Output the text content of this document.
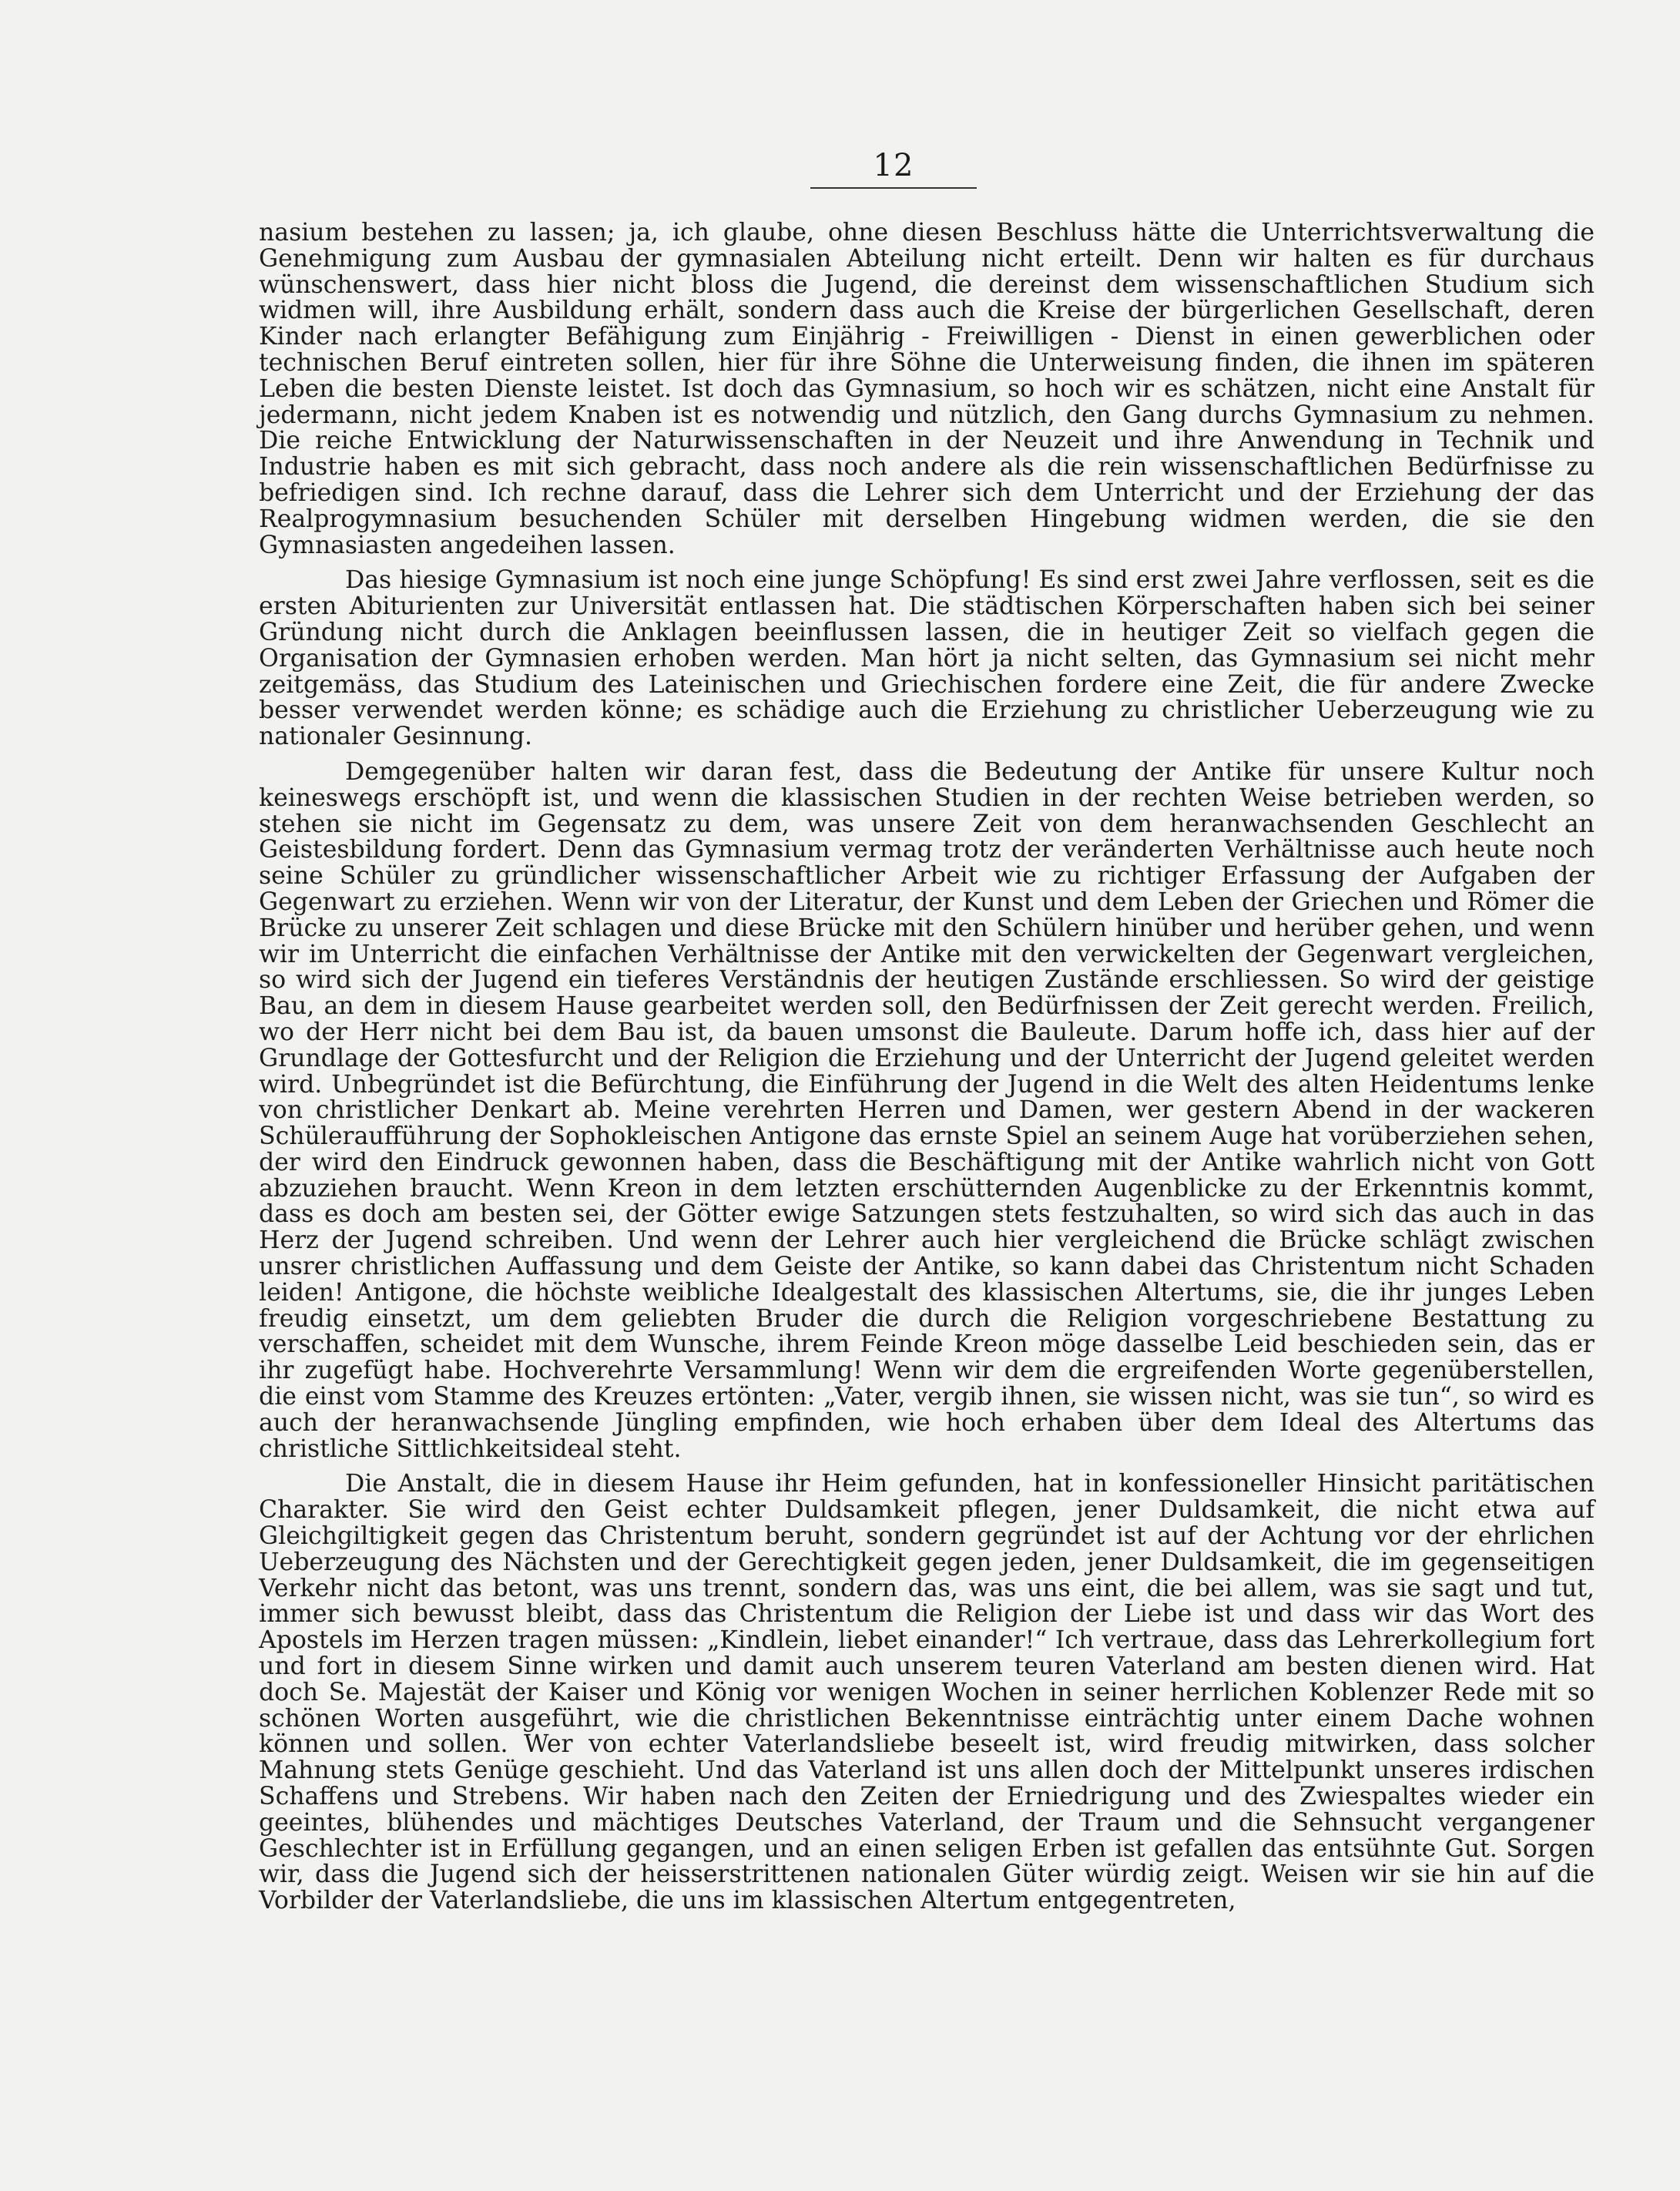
12

nasium bestehen zu lassen; ja, ich glaube, ohne diesen Beschluss hätte die Unterrichtsverwaltung die Genehmigung zum Ausbau der gymnasialen Abteilung nicht erteilt. Denn wir halten es für durchaus wünschenswert, dass hier nicht bloss die Jugend, die dereinst dem wissenschaftlichen Studium sich widmen will, ihre Ausbildung erhält, sondern dass auch die Kreise der bürgerlichen Gesellschaft, deren Kinder nach erlangter Befähigung zum Einjährig - Freiwilligen - Dienst in einen gewerblichen oder technischen Beruf eintreten sollen, hier für ihre Söhne die Unterweisung finden, die ihnen im späteren Leben die besten Dienste leistet. Ist doch das Gymnasium, so hoch wir es schätzen, nicht eine Anstalt für jedermann, nicht jedem Knaben ist es notwendig und nützlich, den Gang durchs Gymnasium zu nehmen. Die reiche Entwicklung der Naturwissenschaften in der Neuzeit und ihre Anwendung in Technik und Industrie haben es mit sich gebracht, dass noch andere als die rein wissenschaftlichen Bedürfnisse zu befriedigen sind. Ich rechne darauf, dass die Lehrer sich dem Unterricht und der Erziehung der das Realprogymnasium besuchenden Schüler mit derselben Hingebung widmen werden, die sie den Gymnasiasten angedeihen lassen.

Das hiesige Gymnasium ist noch eine junge Schöpfung! Es sind erst zwei Jahre verflossen, seit es die ersten Abiturienten zur Universität entlassen hat. Die städtischen Körperschaften haben sich bei seiner Gründung nicht durch die Anklagen beeinflussen lassen, die in heutiger Zeit so vielfach gegen die Organisation der Gymnasien erhoben werden. Man hört ja nicht selten, das Gymnasium sei nicht mehr zeitgemäss, das Studium des Lateinischen und Griechischen fordere eine Zeit, die für andere Zwecke besser verwendet werden könne; es schädige auch die Erziehung zu christlicher Ueberzeugung wie zu nationaler Gesinnung.

Demgegenüber halten wir daran fest, dass die Bedeutung der Antike für unsere Kultur noch keineswegs erschöpft ist, und wenn die klassischen Studien in der rechten Weise betrieben werden, so stehen sie nicht im Gegensatz zu dem, was unsere Zeit von dem heranwachsenden Geschlecht an Geistesbildung fordert. Denn das Gymnasium vermag trotz der veränderten Verhältnisse auch heute noch seine Schüler zu gründlicher wissenschaftlicher Arbeit wie zu richtiger Erfassung der Aufgaben der Gegenwart zu erziehen. Wenn wir von der Literatur, der Kunst und dem Leben der Griechen und Römer die Brücke zu unserer Zeit schlagen und diese Brücke mit den Schülern hinüber und herüber gehen, und wenn wir im Unterricht die einfachen Verhältnisse der Antike mit den verwickelten der Gegenwart vergleichen, so wird sich der Jugend ein tieferes Verständnis der heutigen Zustände erschliessen. So wird der geistige Bau, an dem in diesem Hause gearbeitet werden soll, den Bedürfnissen der Zeit gerecht werden. Freilich, wo der Herr nicht bei dem Bau ist, da bauen umsonst die Bauleute. Darum hoffe ich, dass hier auf der Grundlage der Gottesfurcht und der Religion die Erziehung und der Unterricht der Jugend geleitet werden wird. Unbegründet ist die Befürchtung, die Einführung der Jugend in die Welt des alten Heidentums lenke von christlicher Denkart ab. Meine verehrten Herren und Damen, wer gestern Abend in der wackeren Schüleraufführung der Sophokleischen Antigone das ernste Spiel an seinem Auge hat vorüberziehen sehen, der wird den Eindruck gewonnen haben, dass die Beschäftigung mit der Antike wahrlich nicht von Gott abzuziehen braucht. Wenn Kreon in dem letzten erschütternden Augenblicke zu der Erkenntnis kommt, dass es doch am besten sei, der Götter ewige Satzungen stets festzuhalten, so wird sich das auch in das Herz der Jugend schreiben. Und wenn der Lehrer auch hier vergleichend die Brücke schlägt zwischen unsrer christlichen Auffassung und dem Geiste der Antike, so kann dabei das Christentum nicht Schaden leiden! Antigone, die höchste weibliche Idealgestalt des klassischen Altertums, sie, die ihr junges Leben freudig einsetzt, um dem geliebten Bruder die durch die Religion vorgeschriebene Bestattung zu verschaffen, scheidet mit dem Wunsche, ihrem Feinde Kreon möge dasselbe Leid beschieden sein, das er ihr zugefügt habe. Hochverehrte Versammlung! Wenn wir dem die ergreifenden Worte gegenüberstellen, die einst vom Stamme des Kreuzes ertönten: „Vater, vergib ihnen, sie wissen nicht, was sie tun“, so wird es auch der heranwachsende Jüngling empfinden, wie hoch erhaben über dem Ideal des Altertums das christliche Sittlichkeitsideal steht.

Die Anstalt, die in diesem Hause ihr Heim gefunden, hat in konfessioneller Hinsicht paritätischen Charakter. Sie wird den Geist echter Duldsamkeit pflegen, jener Duldsamkeit, die nicht etwa auf Gleichgiltigkeit gegen das Christentum beruht, sondern gegründet ist auf der Achtung vor der ehrlichen Ueberzeugung des Nächsten und der Gerechtigkeit gegen jeden, jener Duldsamkeit, die im gegenseitigen Verkehr nicht das betont, was uns trennt, sondern das, was uns eint, die bei allem, was sie sagt und tut, immer sich bewusst bleibt, dass das Christentum die Religion der Liebe ist und dass wir das Wort des Apostels im Herzen tragen müssen: „Kindlein, liebet einander!“ Ich vertraue, dass das Lehrerkollegium fort und fort in diesem Sinne wirken und damit auch unserem teuren Vaterland am besten dienen wird. Hat doch Se. Majestät der Kaiser und König vor wenigen Wochen in seiner herrlichen Koblenzer Rede mit so schönen Worten ausgeführt, wie die christlichen Bekenntnisse einträchtig unter einem Dache wohnen können und sollen. Wer von echter Vaterlandsliebe beseelt ist, wird freudig mitwirken, dass solcher Mahnung stets Genüge geschieht. Und das Vaterland ist uns allen doch der Mittelpunkt unseres irdischen Schaffens und Strebens. Wir haben nach den Zeiten der Erniedrigung und des Zwiespaltes wieder ein geeintes, blühendes und mächtiges Deutsches Vaterland, der Traum und die Sehnsucht vergangener Geschlechter ist in Erfüllung gegangen, und an einen seligen Erben ist gefallen das entsühnte Gut. Sorgen wir, dass die Jugend sich der heisserstrittenen nationalen Güter würdig zeigt. Weisen wir sie hin auf die Vorbilder der Vaterlandsliebe, die uns im klassischen Altertum entgegentreten,
